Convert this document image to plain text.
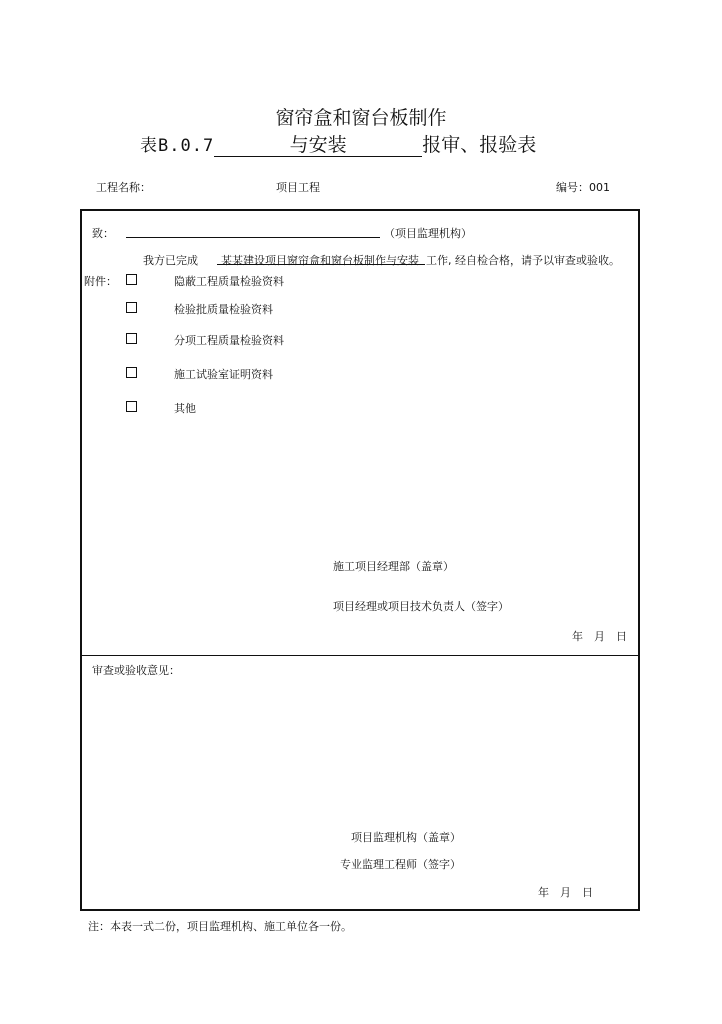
窗帘盒和窗台板制作
表B.0.7	与安装	报审、报验表
工程名称：	项目工程	编号：001
致：	（项目监理机构）
我方已完成 某某建设项目窗帘盒和窗台板制作与安装 工作, 经自检合格，请予以审查或验收。
附件：	隐蔽工程质量检验资料
检验批质量检验资料
分项工程质量检验资料
施工试验室证明资料
其他
施工项目经理部（盖章）
项目经理或项目技术负责人（签字）
年　月　日
审查或验收意见：
项目监理机构（盖章）
专业监理工程师（签字）
年　月　日
注：本表一式二份，项目监理机构、施工单位各一份。
